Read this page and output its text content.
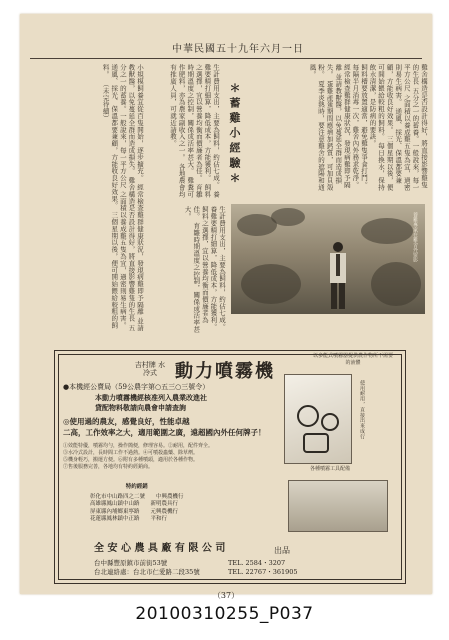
中華民國五十九年六月一日
雞舍構造是否設計得好，將直接影響雞隻的生長 五分之一的蓄養。一般說來，每一平方公尺 之面積以養成雞五隻為宜，過密則易生病害。 通風、採光、保溫都要兼顧，方能收良好效果。 三個星期以後，便可開始餵給較粗的飼料。 每日換水，保持飲水清潔，是防病的要訣。
飼料槽要放置適當，避免雞隻爭食打鬥。 每隔半月消毒一次，雞舍內外務求乾淨。 經常檢查雞群健康狀況，發現病雞即予隔離 並請教獸醫，以免蔓延全群而造成損失。 蛋雞產蛋期間應增加鈣質，可加貝殼粉。 夏季炎熱時，要注意雞舍的遮陽和通風。
＊蓄雞小經驗＊
生計費用支出，主要為飼料，約佔七成。 養雞要精打細算，降低成本，方能獲利。 飼料之選擇，宜以營養均衡而價廉者為佳。 育雛時期溫度之控制，關係成活率甚大。 雞糞可作肥料，亦為農家副收入之一。 各地農會均有推廣人員，可就近請教。
小規模飼養宜從百隻開始，逐步擴充。 經常檢查雞群健康狀況，發現病雞即予隔離 並請教獸醫，以免蔓延全群而造成損失。 雞舍構造是否設計得好，將直接影響雞隻的生長 五分之一的蓄養。一般說來，每一平方公尺 之面積以養成雞五隻為宜，過密則易生病害。 通風、採光、保溫都要兼顧，方能收良好效果。 三個星期以後，便可開始餵給較粗的飼料。 （未完待續）
生計費用支出，主要為飼料，約佔七成。 養雞要精打細算，降低成本，方能獲利。 飼料之選擇，宜以營養均衡而價廉者為佳。 育雛時期溫度之控制，關係成活率甚大。	養雞專家在雞舍外留影
吉村牌 水冷式	動力噴霧機
●本機經公賣局（59公農字第○五三○三號令）
本動力噴霧機經核准列入農業改進社
貸配物料敬請向農會申請查詢
◎使用過的農友，感覺良好，性能卓越
二高，工作效率之大，適用範圍之廣，遠超國內外任何牌子！
①效能特優，噴霧均勻，操作簡便，修理容易。②耐用，配件齊全。
③水冷式設計，長時間工作不過熱。④可噴殺蟲藥、除草劑。
⑤機身輕巧，搬運方便。⑥附有多種噴頭，適用於各種作物。
⑦售後服務完善，各地均有特約經銷商。
以多能式噴霧器提供農作物所不需要的液體
使用耐用，直接出來成行
各種噴霧工具配備
特約經銷
彰化市中山路四之二號　　 中興農機行
高雄縣鳳山鎮中山路　　 新明農具行
屏東縣內埔鄉東寧路　　 元興農機行
花蓮縣鳳林鎮中正路　　 平和行
全 安 心 農 具 廠 有 限 公 司	出品
台中縣豐原鎮市前街53號
台北連絡處：台北市仁愛路二段35號
TEL. 2584・3207
TEL. 22767・361905
（37）
20100310255_P037
